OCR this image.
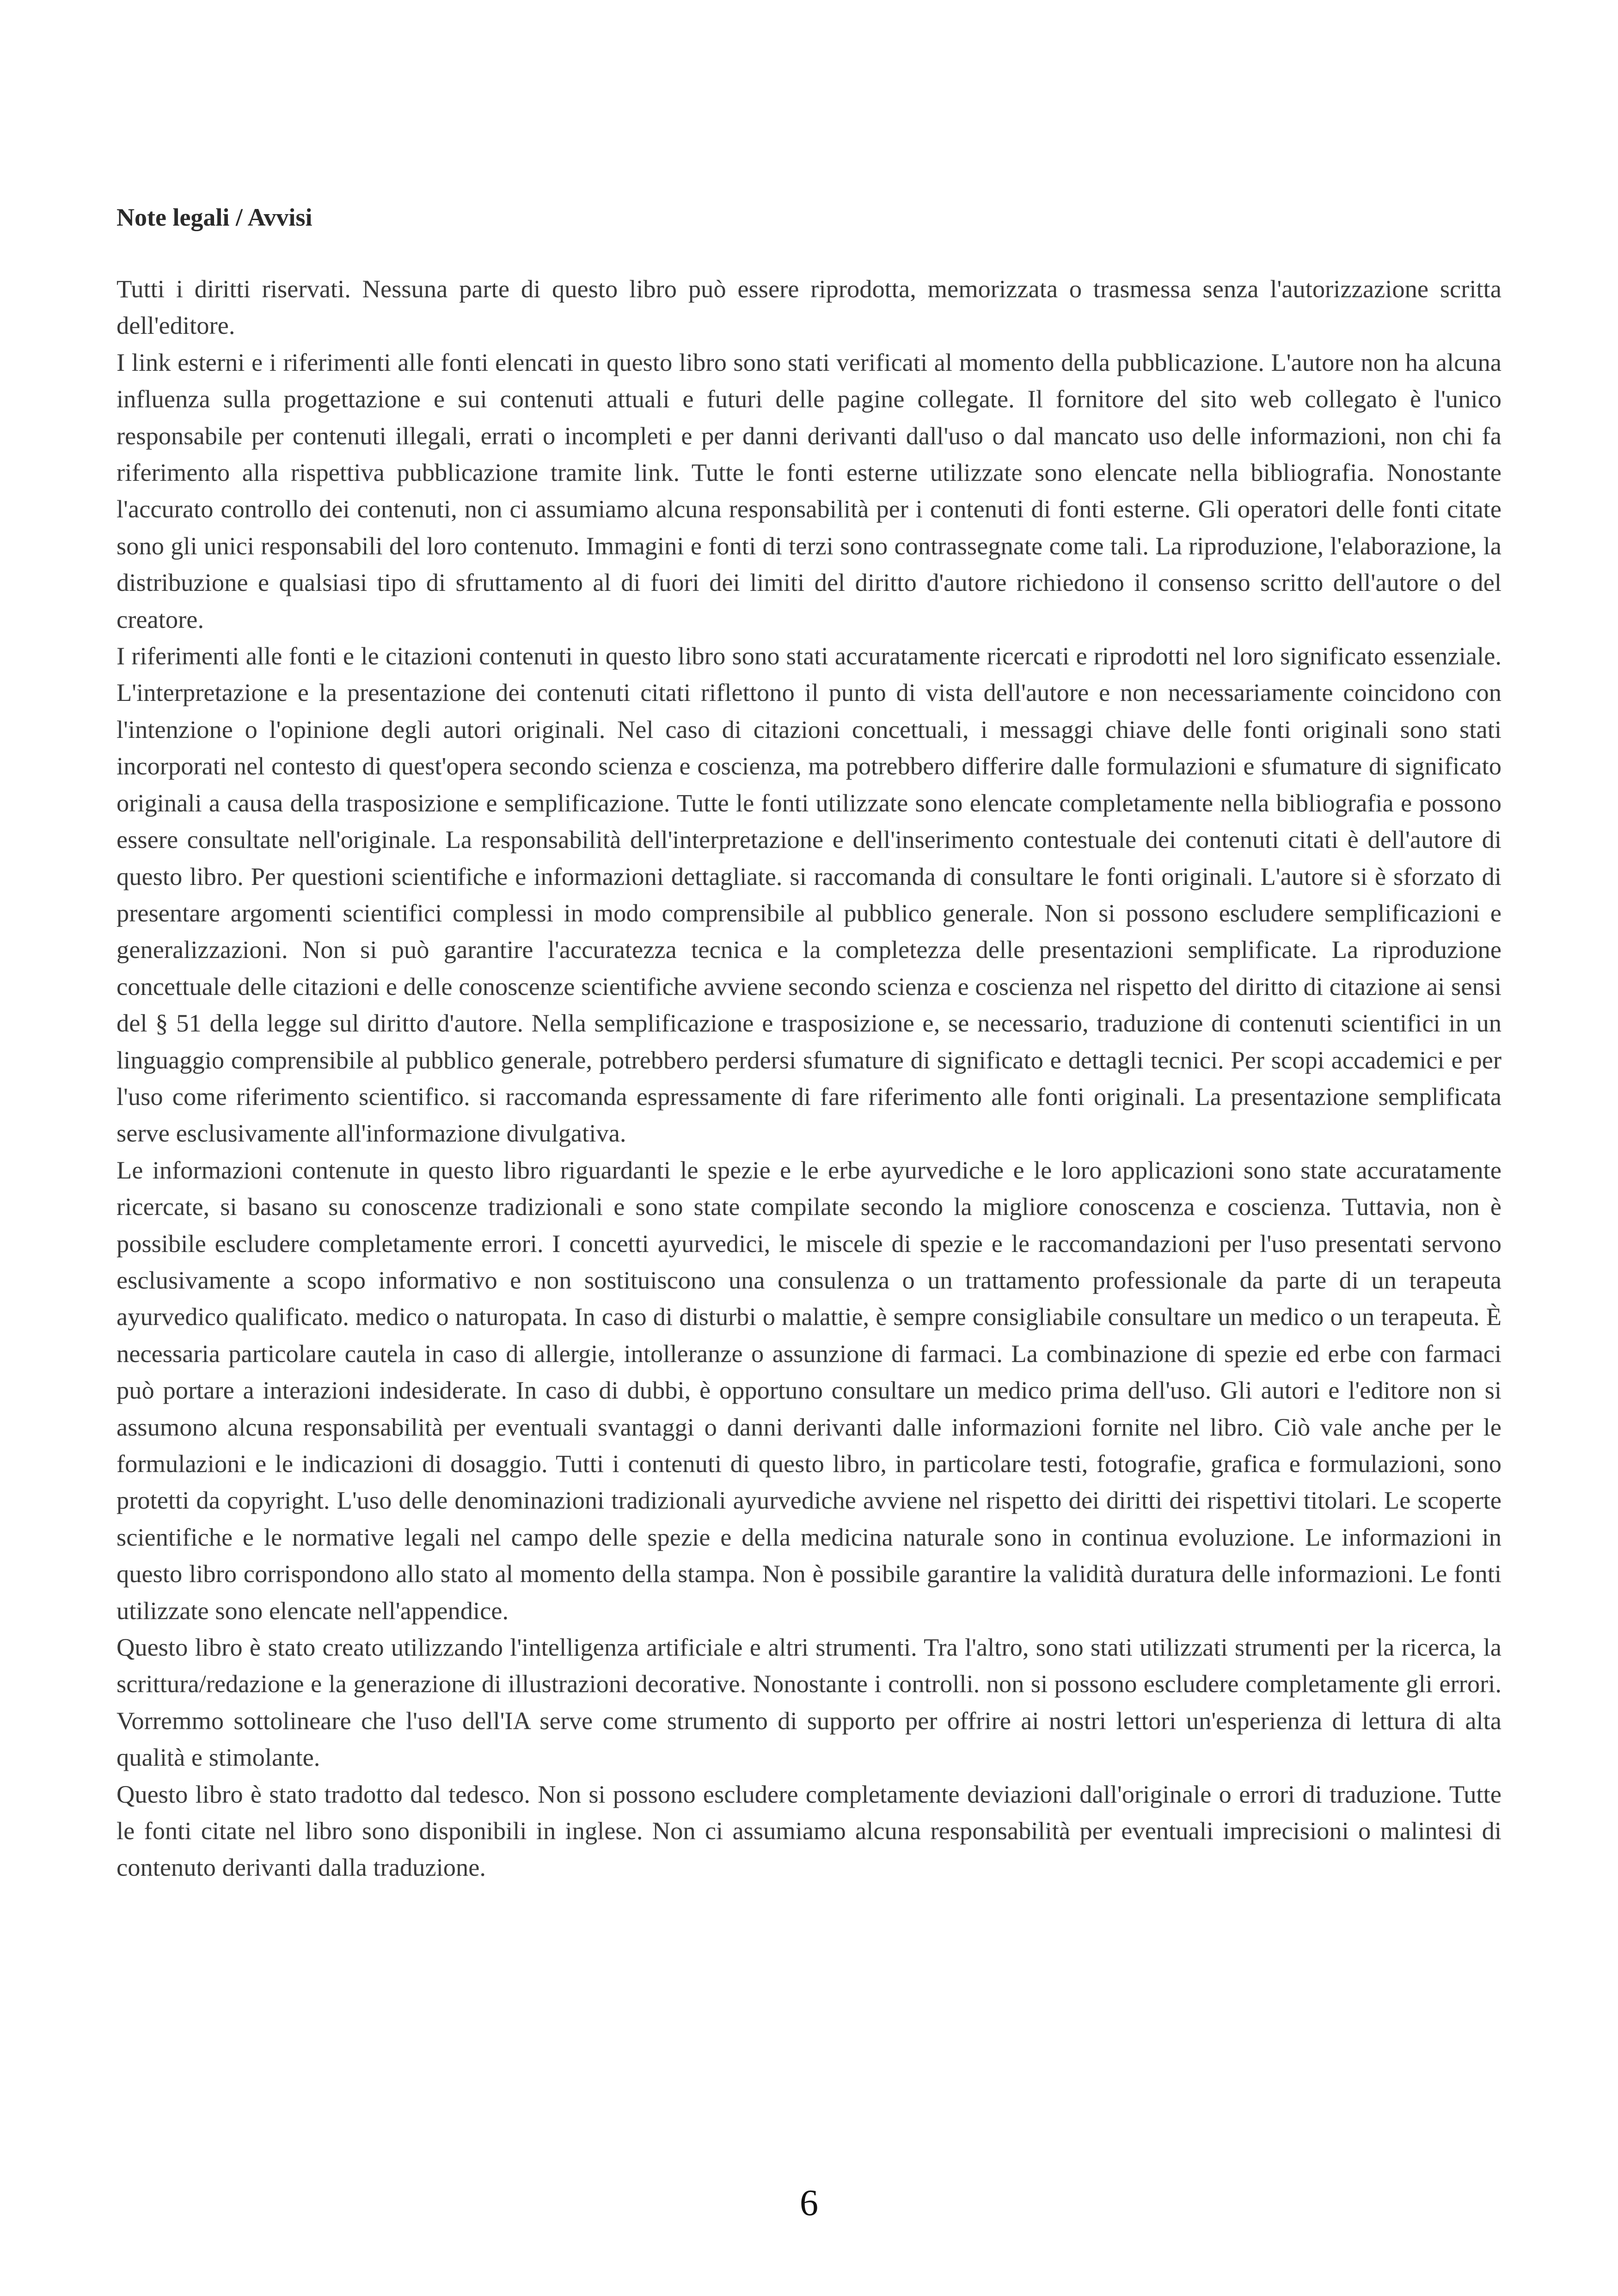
Note legali / Avvisi

Tutti i diritti riservati. Nessuna parte di questo libro può essere riprodotta, memorizzata o trasmessa senza l'autorizzazione scritta dell'editore.

I link esterni e i riferimenti alle fonti elencati in questo libro sono stati verificati al momento della pubblicazione. L'autore non ha alcuna influenza sulla progettazione e sui contenuti attuali e futuri delle pagine collegate. Il fornitore del sito web collegato è l'unico responsabile per contenuti illegali, errati o incompleti e per danni derivanti dall'uso o dal mancato uso delle informazioni, non chi fa riferimento alla rispettiva pubblicazione tramite link. Tutte le fonti esterne utilizzate sono elencate nella bibliografia. Nonostante l'accurato controllo dei contenuti, non ci assumiamo alcuna responsabilità per i contenuti di fonti esterne. Gli operatori delle fonti citate sono gli unici responsabili del loro contenuto. Immagini e fonti di terzi sono contrassegnate come tali. La riproduzione, l'elaborazione, la distribuzione e qualsiasi tipo di sfruttamento al di fuori dei limiti del diritto d'autore richiedono il consenso scritto dell'autore o del creatore.

I riferimenti alle fonti e le citazioni contenuti in questo libro sono stati accuratamente ricercati e riprodotti nel loro significato essenziale. L'interpretazione e la presentazione dei contenuti citati riflettono il punto di vista dell'autore e non necessariamente coincidono con l'intenzione o l'opinione degli autori originali. Nel caso di citazioni concettuali, i messaggi chiave delle fonti originali sono stati incorporati nel contesto di quest'opera secondo scienza e coscienza, ma potrebbero differire dalle formulazioni e sfumature di significato originali a causa della trasposizione e semplificazione. Tutte le fonti utilizzate sono elencate completamente nella bibliografia e possono essere consultate nell'originale. La responsabilità dell'interpretazione e dell'inserimento contestuale dei contenuti citati è dell'autore di questo libro. Per questioni scientifiche e informazioni dettagliate. si raccomanda di consultare le fonti originali. L'autore si è sforzato di presentare argomenti scientifici complessi in modo comprensibile al pubblico generale. Non si possono escludere semplificazioni e generalizzazioni. Non si può garantire l'accuratezza tecnica e la completezza delle presentazioni semplificate. La riproduzione concettuale delle citazioni e delle conoscenze scientifiche avviene secondo scienza e coscienza nel rispetto del diritto di citazione ai sensi del § 51 della legge sul diritto d'autore. Nella semplificazione e trasposizione e, se necessario, traduzione di contenuti scientifici in un linguaggio comprensibile al pubblico generale, potrebbero perdersi sfumature di significato e dettagli tecnici. Per scopi accademici e per l'uso come riferimento scientifico. si raccomanda espressamente di fare riferimento alle fonti originali. La presentazione semplificata serve esclusivamente all'informazione divulgativa.

Le informazioni contenute in questo libro riguardanti le spezie e le erbe ayurvediche e le loro applicazioni sono state accuratamente ricercate, si basano su conoscenze tradizionali e sono state compilate secondo la migliore conoscenza e coscienza. Tuttavia, non è possibile escludere completamente errori. I concetti ayurvedici, le miscele di spezie e le raccomandazioni per l'uso presentati servono esclusivamente a scopo informativo e non sostituiscono una consulenza o un trattamento professionale da parte di un terapeuta ayurvedico qualificato. medico o naturopata. In caso di disturbi o malattie, è sempre consigliabile consultare un medico o un terapeuta. È necessaria particolare cautela in caso di allergie, intolleranze o assunzione di farmaci. La combinazione di spezie ed erbe con farmaci può portare a interazioni indesiderate. In caso di dubbi, è opportuno consultare un medico prima dell'uso. Gli autori e l'editore non si assumono alcuna responsabilità per eventuali svantaggi o danni derivanti dalle informazioni fornite nel libro. Ciò vale anche per le formulazioni e le indicazioni di dosaggio. Tutti i contenuti di questo libro, in particolare testi, fotografie, grafica e formulazioni, sono protetti da copyright. L'uso delle denominazioni tradizionali ayurvediche avviene nel rispetto dei diritti dei rispettivi titolari. Le scoperte scientifiche e le normative legali nel campo delle spezie e della medicina naturale sono in continua evoluzione. Le informazioni in questo libro corrispondono allo stato al momento della stampa. Non è possibile garantire la validità duratura delle informazioni. Le fonti utilizzate sono elencate nell'appendice.

Questo libro è stato creato utilizzando l'intelligenza artificiale e altri strumenti. Tra l'altro, sono stati utilizzati strumenti per la ricerca, la scrittura/redazione e la generazione di illustrazioni decorative. Nonostante i controlli. non si possono escludere completamente gli errori. Vorremmo sottolineare che l'uso dell'IA serve come strumento di supporto per offrire ai nostri lettori un'esperienza di lettura di alta qualità e stimolante.

Questo libro è stato tradotto dal tedesco. Non si possono escludere completamente deviazioni dall'originale o errori di traduzione. Tutte le fonti citate nel libro sono disponibili in inglese. Non ci assumiamo alcuna responsabilità per eventuali imprecisioni o malintesi di contenuto derivanti dalla traduzione.

6
